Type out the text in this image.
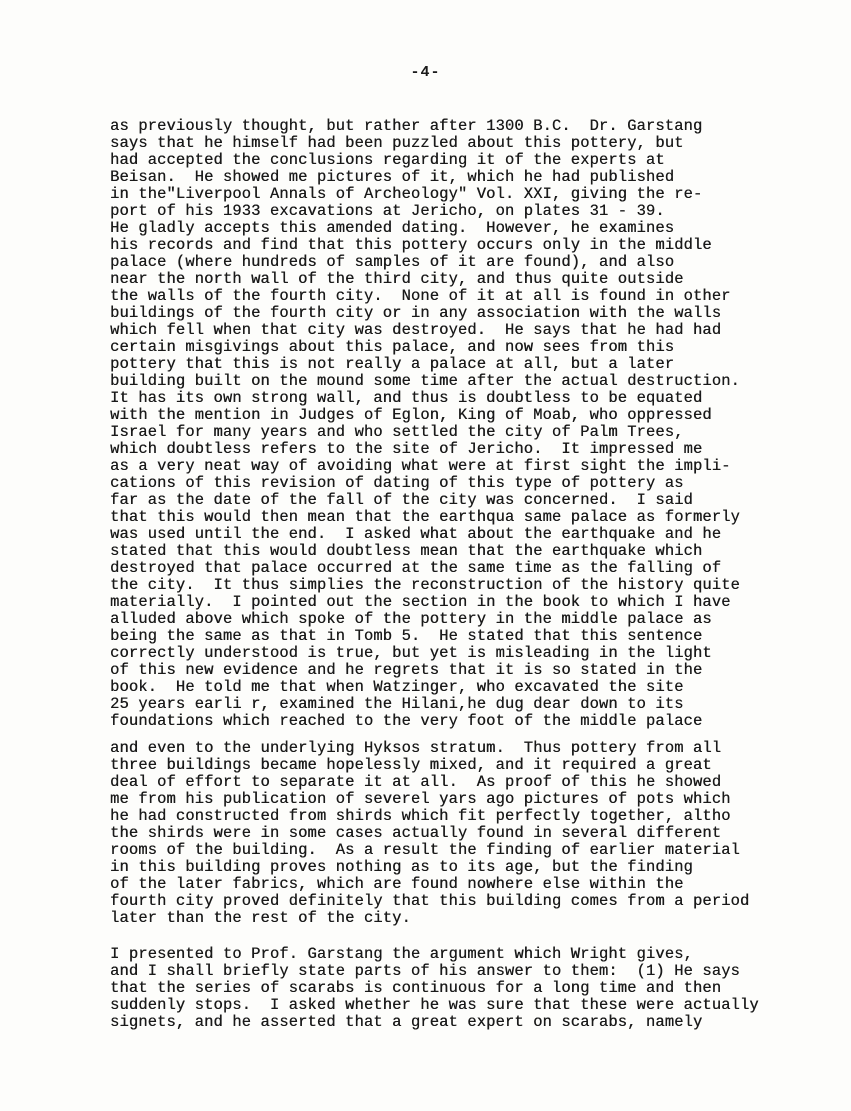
-4-
as previously thought, but rather after 1300 B.C.  Dr. Garstang
says that he himself had been puzzled about this pottery, but
had accepted the conclusions regarding it of the experts at
Beisan.  He showed me pictures of it, which he had published
in the"Liverpool Annals of Archeology" Vol. XXI, giving the re-
port of his 1933 excavations at Jericho, on plates 31 - 39.
He gladly accepts this amended dating.  However, he examines
his records and find that this pottery occurs only in the middle
palace (where hundreds of samples of it are found), and also
near the north wall of the third city, and thus quite outside
the walls of the fourth city.  None of it at all is found in other
buildings of the fourth city or in any association with the walls
which fell when that city was destroyed.  He says that he had had
certain misgivings about this palace, and now sees from this
pottery that this is not really a palace at all, but a later
building built on the mound some time after the actual destruction.
It has its own strong wall, and thus is doubtless to be equated
with the mention in Judges of Eglon, King of Moab, who oppressed
Israel for many years and who settled the city of Palm Trees,
which doubtless refers to the site of Jericho.  It impressed me
as a very neat way of avoiding what were at first sight the impli-
cations of this revision of dating of this type of pottery as
far as the date of the fall of the city was concerned.  I said
that this would then mean that the earthqua same palace as formerly
was used until the end.  I asked what about the earthquake and he
stated that this would doubtless mean that the earthquake which
destroyed that palace occurred at the same time as the falling of
the city.  It thus simplies the reconstruction of the history quite
materially.  I pointed out the section in the book to which I have
alluded above which spoke of the pottery in the middle palace as
being the same as that in Tomb 5.  He stated that this sentence
correctly understood is true, but yet is misleading in the light
of this new evidence and he regrets that it is so stated in the
book.  He told me that when Watzinger, who excavated the site
25 years earli r, examined the Hilani,he dug dear down to its
foundations which reached to the very foot of the middle palace
and even to the underlying Hyksos stratum.  Thus pottery from all
three buildings became hopelessly mixed, and it required a great
deal of effort to separate it at all.  As proof of this he showed
me from his publication of severel yars ago pictures of pots which
he had constructed from shirds which fit perfectly together, altho
the shirds were in some cases actually found in several different
rooms of the building.  As a result the finding of earlier material
in this building proves nothing as to its age, but the finding
of the later fabrics, which are found nowhere else within the
fourth city proved definitely that this building comes from a period
later than the rest of the city.
I presented to Prof. Garstang the argument which Wright gives,
and I shall briefly state parts of his answer to them:  (1) He says
that the series of scarabs is continuous for a long time and then
suddenly stops.  I asked whether he was sure that these were actually
signets, and he asserted that a great expert on scarabs, namely
